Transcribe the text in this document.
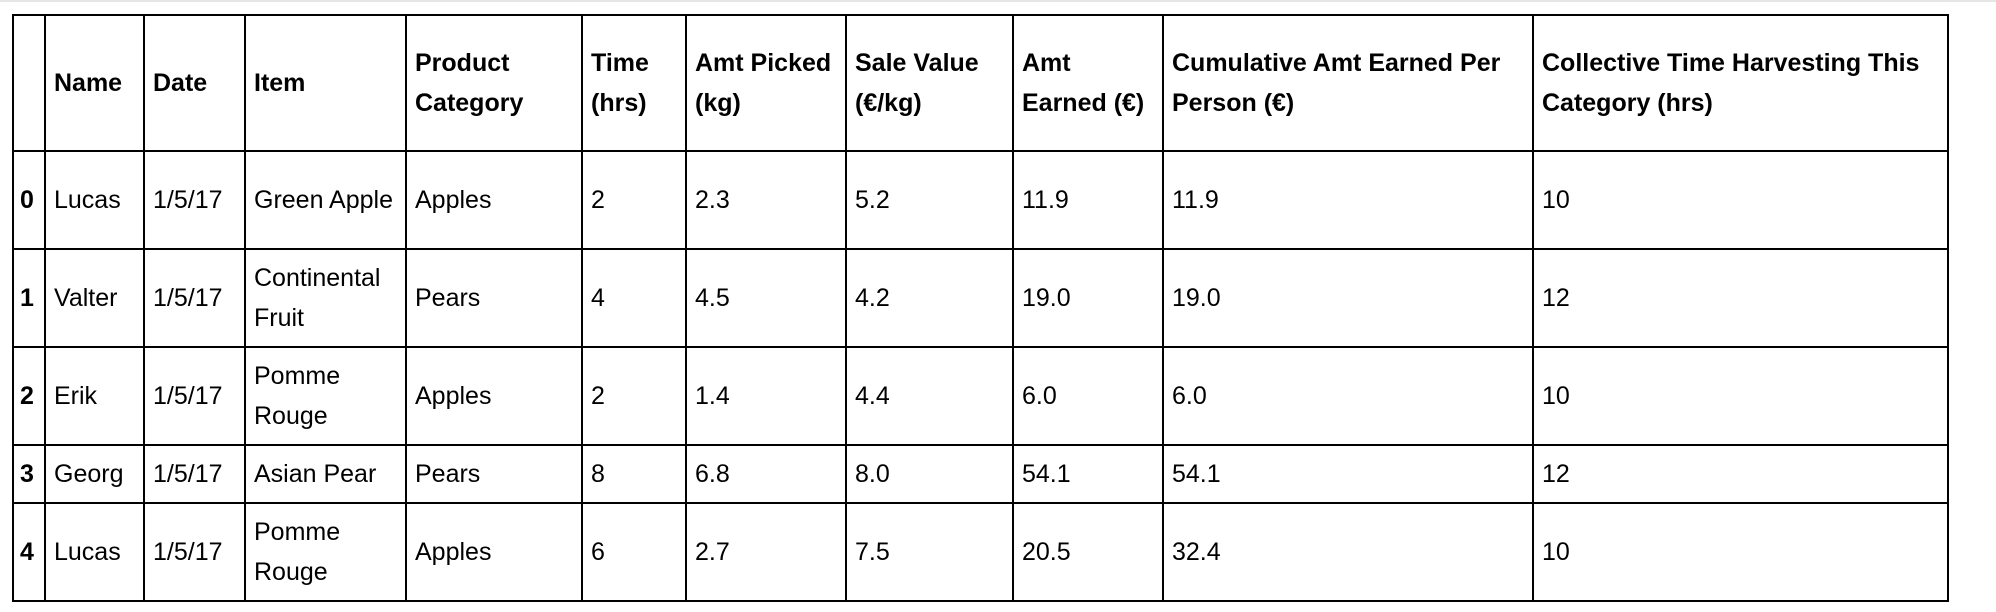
	Name	Date	Item	Product Category	Time (hrs)	Amt Picked (kg)	Sale Value (€/kg)	Amt Earned (€)	Cumulative Amt Earned Per Person (€)	Collective Time Harvesting This Category (hrs)
0	Lucas	1/5/17	Green Apple	Apples	2	2.3	5.2	11.9	11.9	10
1	Valter	1/5/17	Continental Fruit	Pears	4	4.5	4.2	19.0	19.0	12
2	Erik	1/5/17	Pomme Rouge	Apples	2	1.4	4.4	6.0	6.0	10
3	Georg	1/5/17	Asian Pear	Pears	8	6.8	8.0	54.1	54.1	12
4	Lucas	1/5/17	Pomme Rouge	Apples	6	2.7	7.5	20.5	32.4	10
